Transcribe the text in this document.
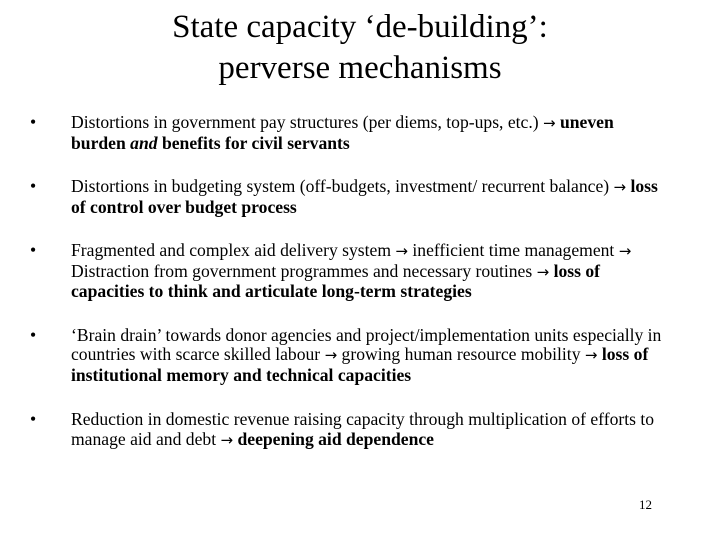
State capacity ‘de-building’:
perverse mechanisms
•	Distortions in government pay structures (per diems, top-ups, etc.) → uneven burden and benefits for civil servants
•	Distortions in budgeting system (off-budgets, investment/ recurrent balance) → loss of control over budget process
•	Fragmented and complex aid delivery system → inefficient time management → Distraction from government programmes and necessary routines → loss of capacities to think and articulate long-term strategies
•	‘Brain drain’ towards donor agencies and project/implementation units especially in countries with scarce skilled labour → growing human resource mobility → loss of institutional memory and technical capacities
•	Reduction in domestic revenue raising capacity through multiplication of efforts to manage aid and debt → deepening aid dependence
12
